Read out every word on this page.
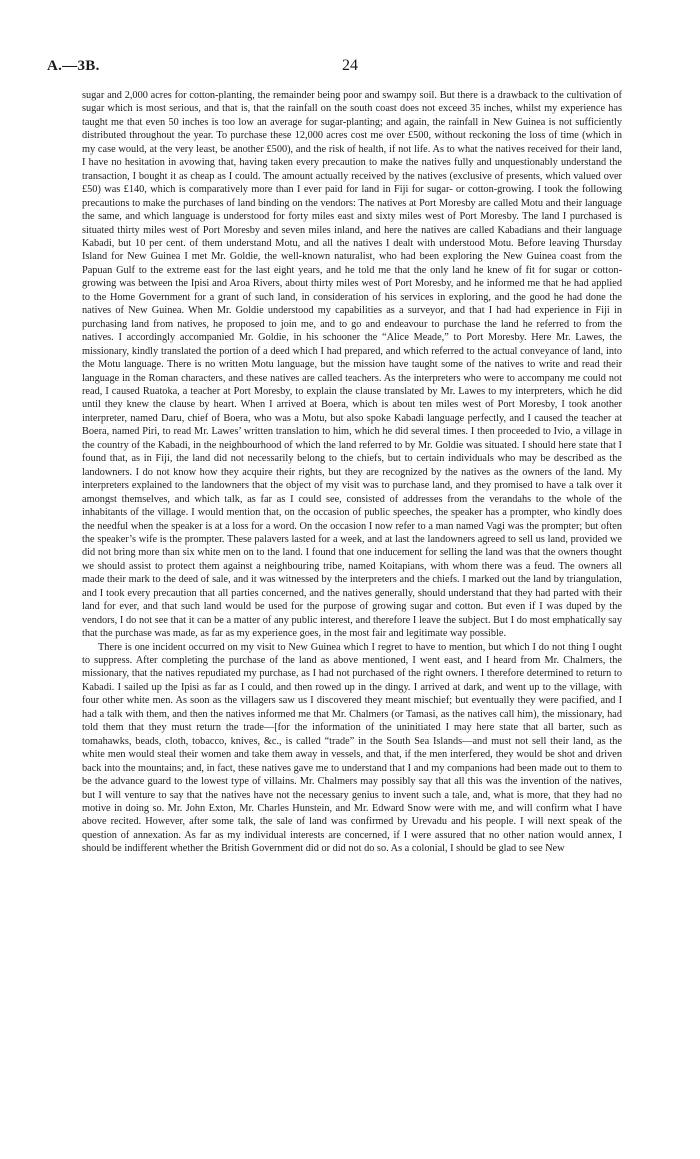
A.—3B.	24

sugar and 2,000 acres for cotton-planting, the remainder being poor and swampy soil. But there is a drawback to the cultivation of sugar which is most serious, and that is, that the rainfall on the south coast does not exceed 35 inches, whilst my experience has taught me that even 50 inches is too low an average for sugar-planting; and again, the rainfall in New Guinea is not sufficiently distributed throughout the year. To purchase these 12,000 acres cost me over £500, without reckoning the loss of time (which in my case would, at the very least, be another £500), and the risk of health, if not life. As to what the natives received for their land, I have no hesitation in avowing that, having taken every precaution to make the natives fully and unquestionably understand the transaction, I bought it as cheap as I could. The amount actually received by the natives (exclusive of presents, which valued over £50) was £140, which is comparatively more than I ever paid for land in Fiji for sugar- or cotton-growing. I took the following precautions to make the purchases of land binding on the vendors: The natives at Port Moresby are called Motu and their language the same, and which language is understood for forty miles east and sixty miles west of Port Moresby. The land I purchased is situated thirty miles west of Port Moresby and seven miles inland, and here the natives are called Kabadians and their language Kabadi, but 10 per cent. of them understand Motu, and all the natives I dealt with understood Motu. Before leaving Thursday Island for New Guinea I met Mr. Goldie, the well-known naturalist, who had been exploring the New Guinea coast from the Papuan Gulf to the extreme east for the last eight years, and he told me that the only land he knew of fit for sugar or cotton-growing was between the Ipisi and Aroa Rivers, about thirty miles west of Port Moresby, and he informed me that he had applied to the Home Government for a grant of such land, in consideration of his services in exploring, and the good he had done the natives of New Guinea. When Mr. Goldie understood my capabilities as a surveyor, and that I had had experience in Fiji in purchasing land from natives, he proposed to join me, and to go and endeavour to purchase the land he referred to from the natives. I accordingly accompanied Mr. Goldie, in his schooner the “Alice Meade,” to Port Moresby. Here Mr. Lawes, the missionary, kindly translated the portion of a deed which I had prepared, and which referred to the actual conveyance of land, into the Motu language. There is no written Motu language, but the mission have taught some of the natives to write and read their language in the Roman characters, and these natives are called teachers. As the interpreters who were to accompany me could not read, I caused Ruatoka, a teacher at Port Moresby, to explain the clause translated by Mr. Lawes to my interpreters, which he did until they knew the clause by heart. When I arrived at Boera, which is about ten miles west of Port Moresby, I took another interpreter, named Daru, chief of Boera, who was a Motu, but also spoke Kabadi language perfectly, and I caused the teacher at Boera, named Piri, to read Mr. Lawes’ written translation to him, which he did several times. I then proceeded to Ivio, a village in the country of the Kabadi, in the neighbourhood of which the land referred to by Mr. Goldie was situated. I should here state that I found that, as in Fiji, the land did not necessarily belong to the chiefs, but to certain individuals who may be described as the landowners. I do not know how they acquire their rights, but they are recognized by the natives as the owners of the land. My interpreters explained to the landowners that the object of my visit was to purchase land, and they promised to have a talk over it amongst themselves, and which talk, as far as I could see, consisted of addresses from the verandahs to the whole of the inhabitants of the village. I would mention that, on the occasion of public speeches, the speaker has a prompter, who kindly does the needful when the speaker is at a loss for a word. On the occasion I now refer to a man named Vagi was the prompter; but often the speaker’s wife is the prompter. These palavers lasted for a week, and at last the landowners agreed to sell us land, provided we did not bring more than six white men on to the land. I found that one inducement for selling the land was that the owners thought we should assist to protect them against a neighbouring tribe, named Koitapians, with whom there was a feud. The owners all made their mark to the deed of sale, and it was witnessed by the interpreters and the chiefs. I marked out the land by triangulation, and I took every precaution that all parties concerned, and the natives generally, should understand that they had parted with their land for ever, and that such land would be used for the purpose of growing sugar and cotton. But even if I was duped by the vendors, I do not see that it can be a matter of any public interest, and therefore I leave the subject. But I do most emphatically say that the purchase was made, as far as my experience goes, in the most fair and legitimate way possible.

There is one incident occurred on my visit to New Guinea which I regret to have to mention, but which I do not thing I ought to suppress. After completing the purchase of the land as above mentioned, I went east, and I heard from Mr. Chalmers, the missionary, that the natives repudiated my purchase, as I had not purchased of the right owners. I therefore determined to return to Kabadi. I sailed up the Ipisi as far as I could, and then rowed up in the dingy. I arrived at dark, and went up to the village, with four other white men. As soon as the villagers saw us I discovered they meant mischief; but eventually they were pacified, and I had a talk with them, and then the natives informed me that Mr. Chalmers (or Tamasi, as the natives call him), the missionary, had told them that they must return the trade—[for the information of the uninitiated I may here state that all barter, such as tomahawks, beads, cloth, tobacco, knives, &c., is called “trade” in the South Sea Islands—and must not sell their land, as the white men would steal their women and take them away in vessels, and that, if the men interfered, they would be shot and driven back into the mountains; and, in fact, these natives gave me to understand that I and my companions had been made out to them to be the advance guard to the lowest type of villains. Mr. Chalmers may possibly say that all this was the invention of the natives, but I will venture to say that the natives have not the necessary genius to invent such a tale, and, what is more, that they had no motive in doing so. Mr. John Exton, Mr. Charles Hunstein, and Mr. Edward Snow were with me, and will confirm what I have above recited. However, after some talk, the sale of land was confirmed by Urevadu and his people. I will next speak of the question of annexation. As far as my individual interests are concerned, if I were assured that no other nation would annex, I should be indifferent whether the British Government did or did not do so. As a colonial, I should be glad to see New
